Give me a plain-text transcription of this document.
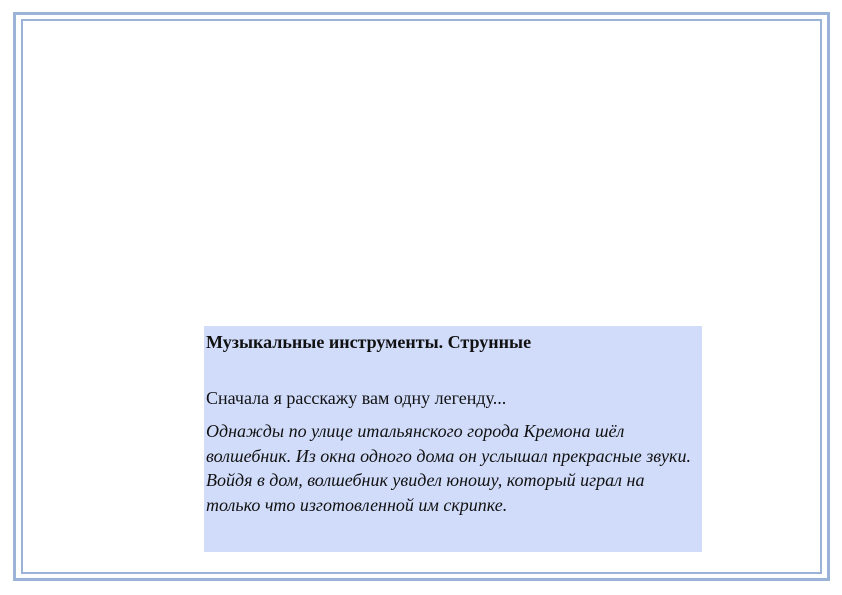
Музыкальные инструменты. Струнные

Сначала я расскажу вам одну легенду...

Однажды по улице итальянского города Кремона шёл волшебник. Из окна одного дома он услышал прекрасные звуки. Войдя в дом, волшебник увидел юношу, который играл на только что изготовленной им скрипке.
